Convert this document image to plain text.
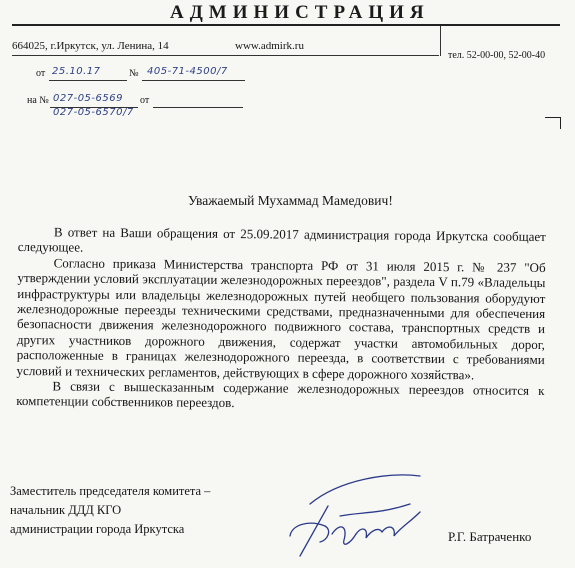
АДМИНИСТРАЦИЯ
664025, г.Иркутск, ул. Ленина, 14	www.admirk.ru
тел. 52-00-00, 52-00-40
от 25.10.17	№ 405-71-4500/7
на № 027-05-6569 от
027-05-6570/7
Уважаемый Мухаммад Мамедович!

В ответ на Ваши обращения от 25.09.2017 администрация города Иркутска сообщает следующее.

Согласно приказа Министерства транспорта РФ от 31 июля 2015 г. № 237 "Об утверждении условий эксплуатации железнодорожных переездов", раздела V п.79 «Владельцы инфраструктуры или владельцы железнодорожных путей необщего пользования оборудуют железнодорожные переезды техническими средствами, предназначенными для обеспечения безопасности движения железнодорожного подвижного состава, транспортных средств и других участников дорожного движения, содержат участки автомобильных дорог, расположенные в границах железнодорожного переезда, в соответствии с требованиями условий и технических регламентов, действующих в сфере дорожного хозяйства».

В связи с вышесказанным содержание железнодорожных переездов относится к компетенции собственников переездов.

Заместитель председателя комитета –
начальник ДДД КГО
администрации города Иркутска	Р.Г. Батраченко
